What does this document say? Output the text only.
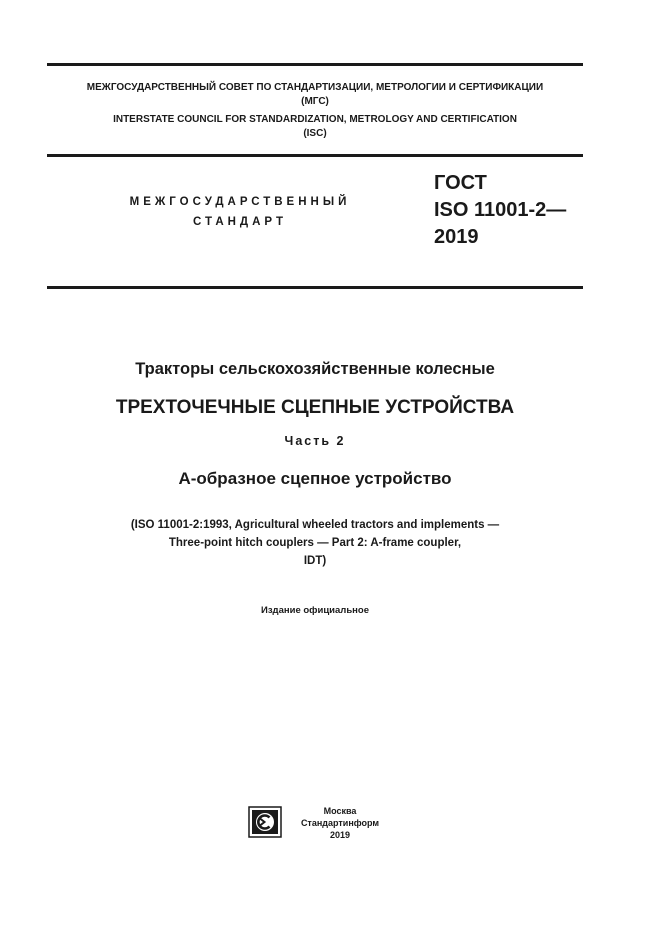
МЕЖГОСУДАРСТВЕННЫЙ СОВЕТ ПО СТАНДАРТИЗАЦИИ, МЕТРОЛОГИИ И СЕРТИФИКАЦИИ
(МГС)
INTERSTATE COUNCIL FOR STANDARDIZATION, METROLOGY AND CERTIFICATION
(ISC)
МЕЖГОСУДАРСТВЕННЫЙ
СТАНДАРТ
ГОСТ
ISO 11001-2—
2019
Тракторы сельскохозяйственные колесные
ТРЕХТОЧЕЧНЫЕ СЦЕПНЫЕ УСТРОЙСТВА
Часть 2
А-образное сцепное устройство
(ISO 11001-2:1993, Agricultural wheeled tractors and implements —
Three-point hitch couplers — Part 2: A-frame coupler,
IDT)
Издание официальное
Москва
Стандартинформ
2019
